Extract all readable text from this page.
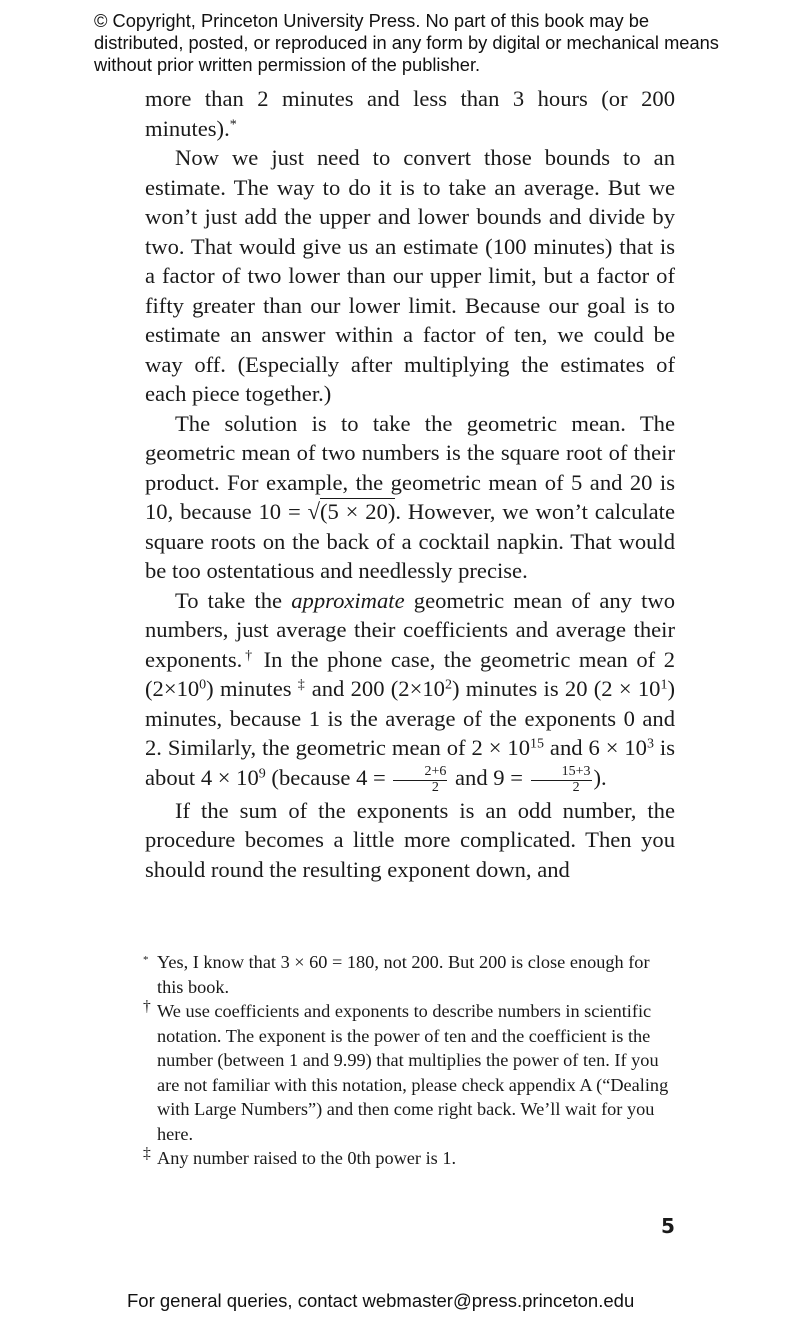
© Copyright, Princeton University Press. No part of this book may be distributed, posted, or reproduced in any form by digital or mechanical means without prior written permission of the publisher.

more than 2 minutes and less than 3 hours (or 200 minutes).*

Now we just need to convert those bounds to an estimate. The way to do it is to take an average. But we won’t just add the upper and lower bounds and divide by two. That would give us an estimate (100 minutes) that is a factor of two lower than our upper limit, but a factor of fifty greater than our lower limit. Because our goal is to estimate an answer within a factor of ten, we could be way off. (Especially after multiplying the estimates of each piece together.)

The solution is to take the geometric mean. The geometric mean of two numbers is the square root of their product. For example, the geometric mean of 5 and 20 is 10, because 10 = √(5 × 20). However, we won’t calculate square roots on the back of a cocktail napkin. That would be too ostentatious and needlessly precise.

To take the approximate geometric mean of any two numbers, just average their coefficients and average their exponents.† In the phone case, the geometric mean of 2 $(2\times 10^0)$ minutes ‡ and 200 $(2\times 10^2)$ minutes is 20 $(2 \times 10^1)$ minutes, because 1 is the average of the exponents 0 and 2. Similarly, the geometric mean of $2 \times 10^{15}$ and $6 \times 10^3$ is about $4 \times 10^9$ (because $4 = \frac{2+6}{2}$ and $9 = \frac{15+3}{2}$ ).

If the sum of the exponents is an odd number, the procedure becomes a little more complicated. Then you should round the resulting exponent down, and

* Yes, I know that 3 × 60 = 180, not 200. But 200 is close enough for this book.

† We use coefficients and exponents to describe numbers in scientific notation. The exponent is the power of ten and the coefficient is the number (between 1 and 9.99) that multiplies the power of ten. If you are not familiar with this notation, please check appendix A (“Dealing with Large Numbers”) and then come right back. We’ll wait for you here.

‡ Any number raised to the 0th power is 1.

5
For general queries, contact webmaster@press.princeton.edu
